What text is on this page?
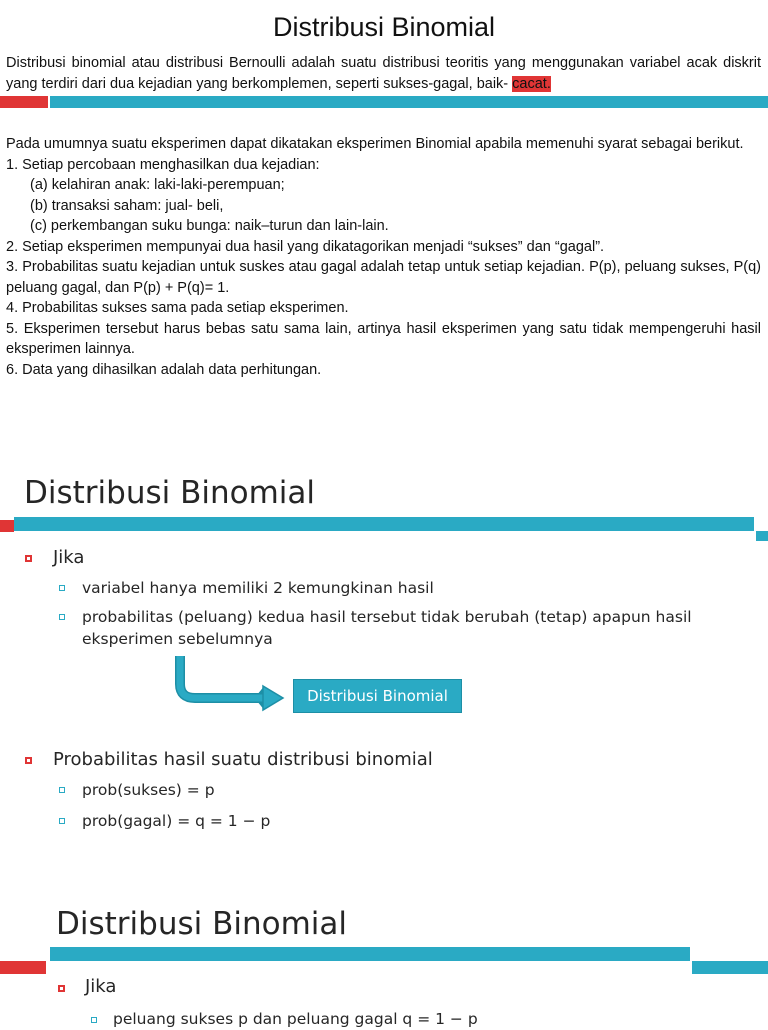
Distribusi Binomial
Distribusi binomial atau distribusi Bernoulli adalah suatu distribusi teoritis yang menggunakan variabel acak diskrit yang terdiri dari dua kejadian yang berkomplemen, seperti sukses-gagal, baik- cacat.
Pada umumnya suatu eksperimen dapat dikatakan eksperimen Binomial apabila memenuhi syarat sebagai berikut.
1. Setiap percobaan menghasilkan dua kejadian:
(a) kelahiran anak: laki-laki-perempuan;
(b) transaksi saham: jual- beli,
(c) perkembangan suku bunga: naik–turun dan lain-lain.
2. Setiap eksperimen mempunyai dua hasil yang dikatagorikan menjadi “sukses” dan “gagal”.
3. Probabilitas suatu kejadian untuk suskes atau gagal adalah tetap untuk setiap kejadian. P(p), peluang sukses, P(q) peluang gagal, dan P(p) + P(q)= 1.
4. Probabilitas sukses sama pada setiap eksperimen.
5. Eksperimen tersebut harus bebas satu sama lain, artinya hasil eksperimen yang satu tidak mempengeruhi hasil eksperimen lainnya.
6. Data yang dihasilkan adalah data perhitungan.
Distribusi Binomial
Jika
variabel hanya memiliki 2 kemungkinan hasil
probabilitas (peluang) kedua hasil tersebut tidak berubah (tetap) apapun hasil eksperimen sebelumnya
Distribusi Binomial
Probabilitas hasil suatu distribusi binomial
prob(sukses) = p
prob(gagal) = q = 1 − p
Distribusi Binomial
Jika
peluang sukses p dan peluang gagal q = 1 − p
